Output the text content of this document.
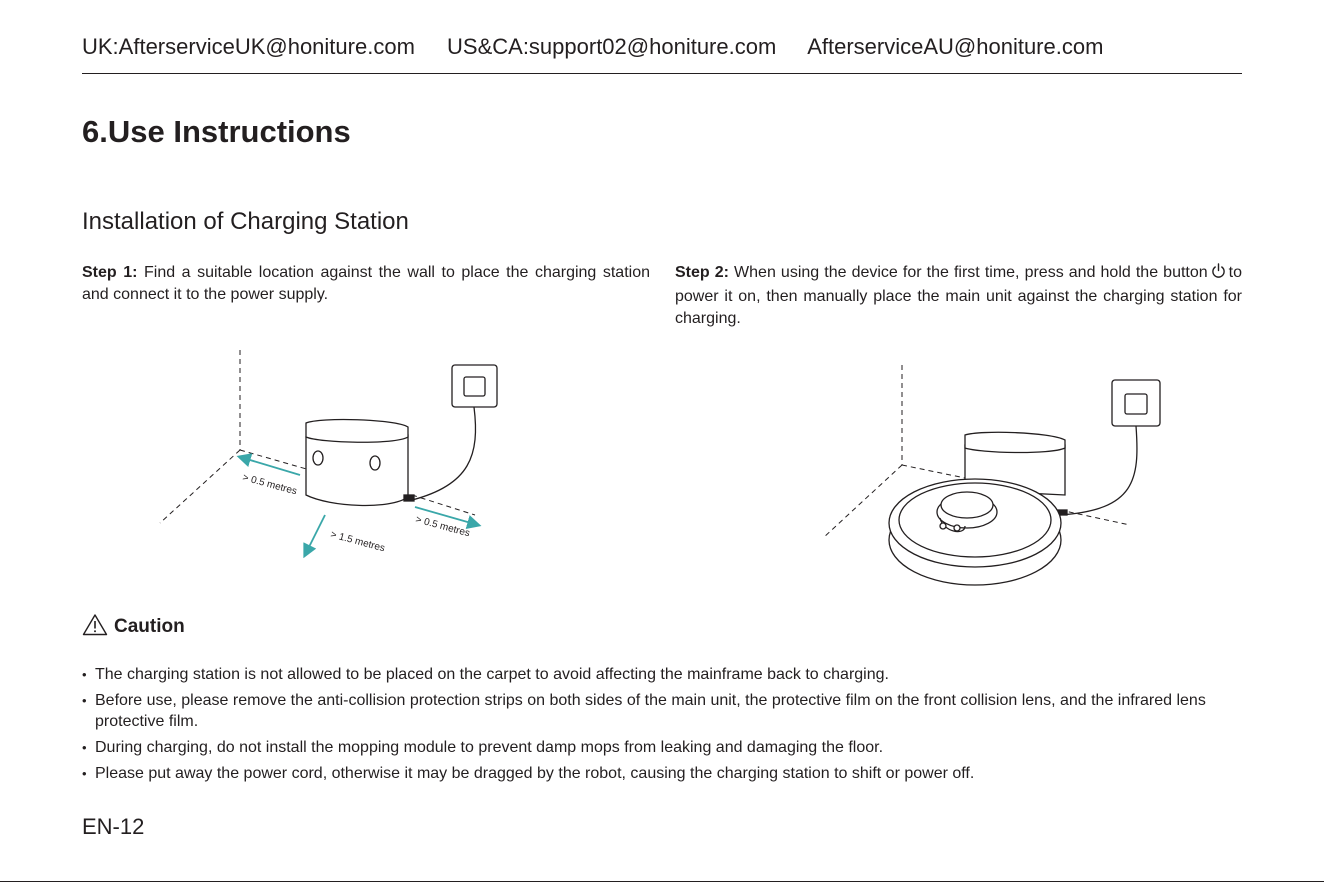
UK:AfterserviceUK@honiture.com US&CA:support02@honiture.com AfterserviceAU@honiture.com
6.Use Instructions
Installation of Charging Station

Step 1: Find a suitable location against the wall to place the charging station and connect it to the power supply.

Step 2: When using the device for the first time, press and hold the button to power it on, then manually place the main unit against the charging station for charging.

> 0.5 metres
> 1.5 metres
> 0.5 metres
Caution
• The charging station is not allowed to be placed on the carpet to avoid affecting the mainframe back to charging.
• Before use, please remove the anti-collision protection strips on both sides of the main unit, the protective film on the front collision lens, and the infrared lens protective film.
• During charging, do not install the mopping module to prevent damp mops from leaking and damaging the floor.
• Please put away the power cord, otherwise it may be dragged by the robot, causing the charging station to shift or power off.
EN-12
